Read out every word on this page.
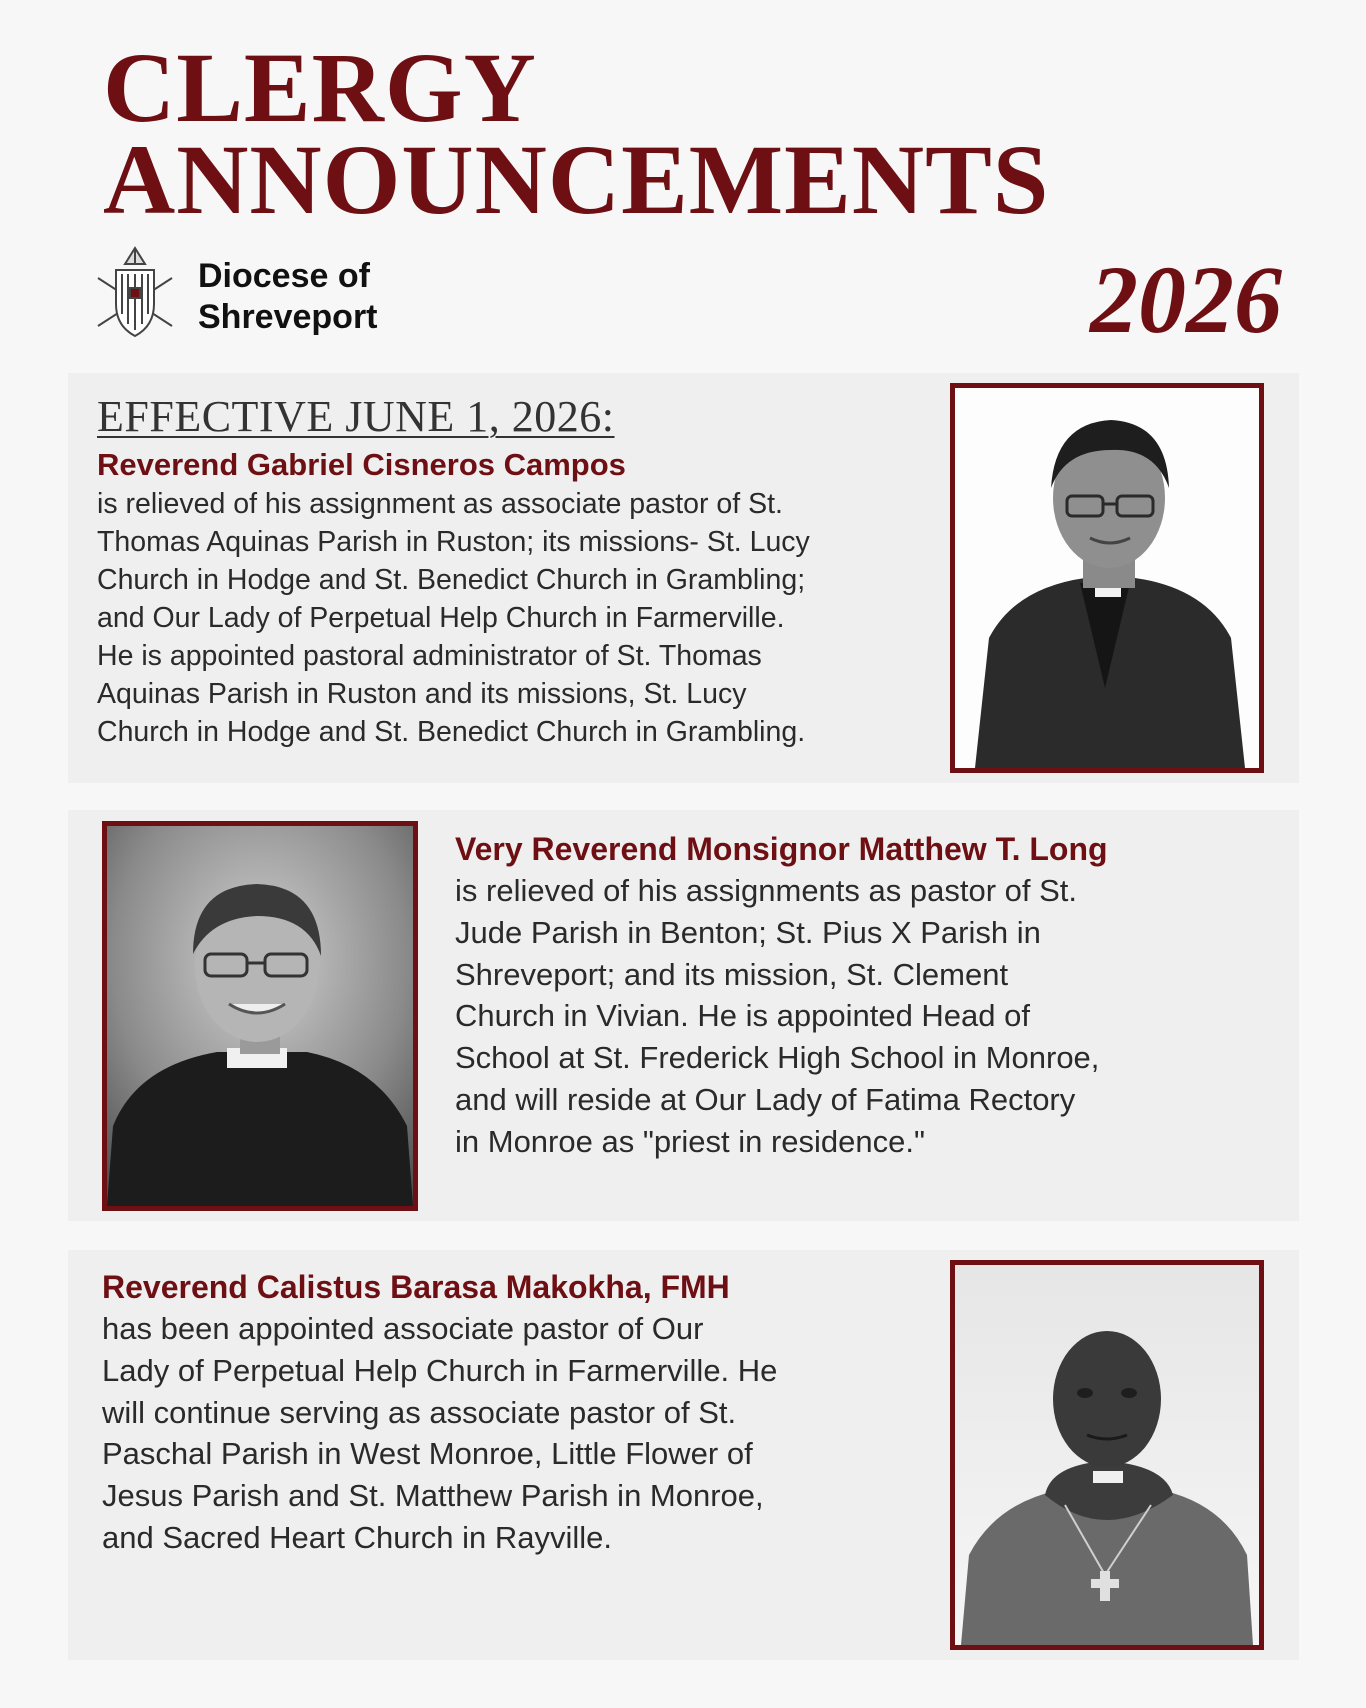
CLERGY
ANNOUNCEMENTS
Diocese of
Shreveport	2026
EFFECTIVE JUNE 1, 2026:
Reverend Gabriel Cisneros Campos
is relieved of his assignment as associate pastor of St.
Thomas Aquinas Parish in Ruston; its missions- St. Lucy
Church in Hodge and St. Benedict Church in Grambling;
and Our Lady of Perpetual Help Church in Farmerville.
He is appointed pastoral administrator of St. Thomas
Aquinas Parish in Ruston and its missions, St. Lucy
Church in Hodge and St. Benedict Church in Grambling.
Very Reverend Monsignor Matthew T. Long
is relieved of his assignments as pastor of St.
Jude Parish in Benton; St. Pius X Parish in
Shreveport; and its mission, St. Clement
Church in Vivian. He is appointed Head of
School at St. Frederick High School in Monroe,
and will reside at Our Lady of Fatima Rectory
in Monroe as "priest in residence."
Reverend Calistus Barasa Makokha, FMH
has been appointed associate pastor of Our
Lady of Perpetual Help Church in Farmerville. He
will continue serving as associate pastor of St.
Paschal Parish in West Monroe, Little Flower of
Jesus Parish and St. Matthew Parish in Monroe,
and Sacred Heart Church in Rayville.
